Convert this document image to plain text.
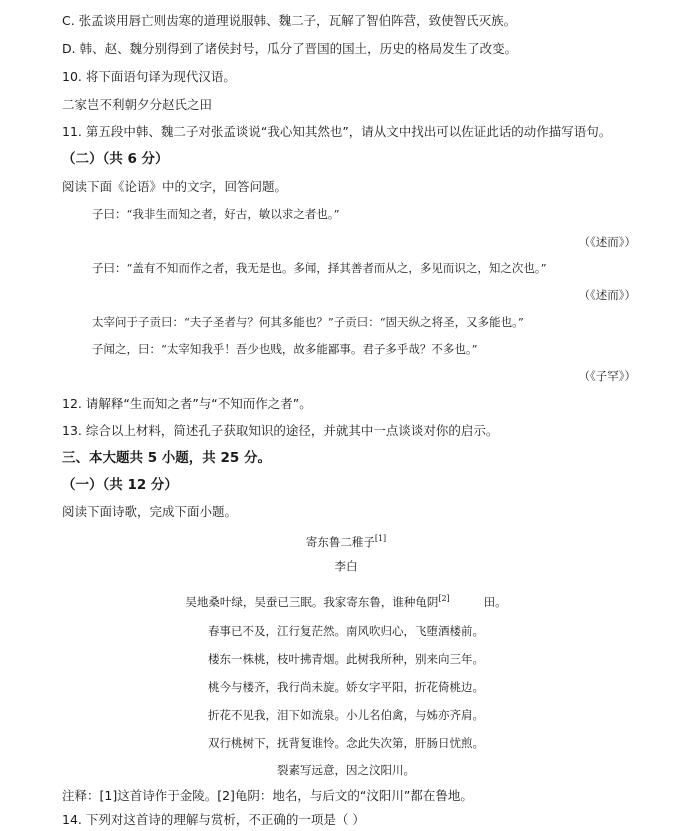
C. 张孟谈用唇亡则齿寒的道理说服韩、魏二子，瓦解了智伯阵营，致使智氏灭族。
D. 韩、赵、魏分别得到了诸侯封号，瓜分了晋国的国土，历史的格局发生了改变。
10. 将下面语句译为现代汉语。
二家岂不利朝夕分赵氏之田
11. 第五段中韩、魏二子对张孟谈说“我心知其然也”，请从文中找出可以佐证此话的动作描写语句。
（二）（共 6 分）
阅读下面《论语》中的文字，回答问题。
子曰：“我非生而知之者，好古，敏以求之者也。”
（《述而》）
子曰：“盖有不知而作之者，我无是也。多闻，择其善者而从之，多见而识之，知之次也。”
（《述而》）
太宰问于子贡曰：“夫子圣者与？何其多能也？”子贡曰：“固天纵之将圣，又多能也。”
子闻之，曰：“太宰知我乎！吾少也贱，故多能鄙事。君子多乎哉？不多也。”
（《子罕》）
12. 请解释“生而知之者”与“不知而作之者”。
13. 综合以上材料，简述孔子获取知识的途径，并就其中一点谈谈对你的启示。
三、本大题共 5 小题，共 25 分。
（一）（共 12 分）
阅读下面诗歌，完成下面小题。
寄东鲁二稚子[1]
李白
吴地桑叶绿，吴蚕已三眠。我家寄东鲁，谁种龟阴[2]	田。
春事已不及，江行复茫然。南风吹归心，飞堕酒楼前。
楼东一株桃，枝叶拂青烟。此树我所种，别来向三年。
桃今与楼齐，我行尚未旋。娇女字平阳，折花倚桃边。
折花不见我，泪下如流泉。小儿名伯禽，与姊亦齐肩。
双行桃树下，抚背复谁怜。念此失次第，肝肠日忧煎。
裂素写远意，因之汶阳川。
注释：[1]这首诗作于金陵。[2]龟阴：地名，与后文的“汶阳川”都在鲁地。
14. 下列对这首诗的理解与赏析，不正确的一项是（ ）
